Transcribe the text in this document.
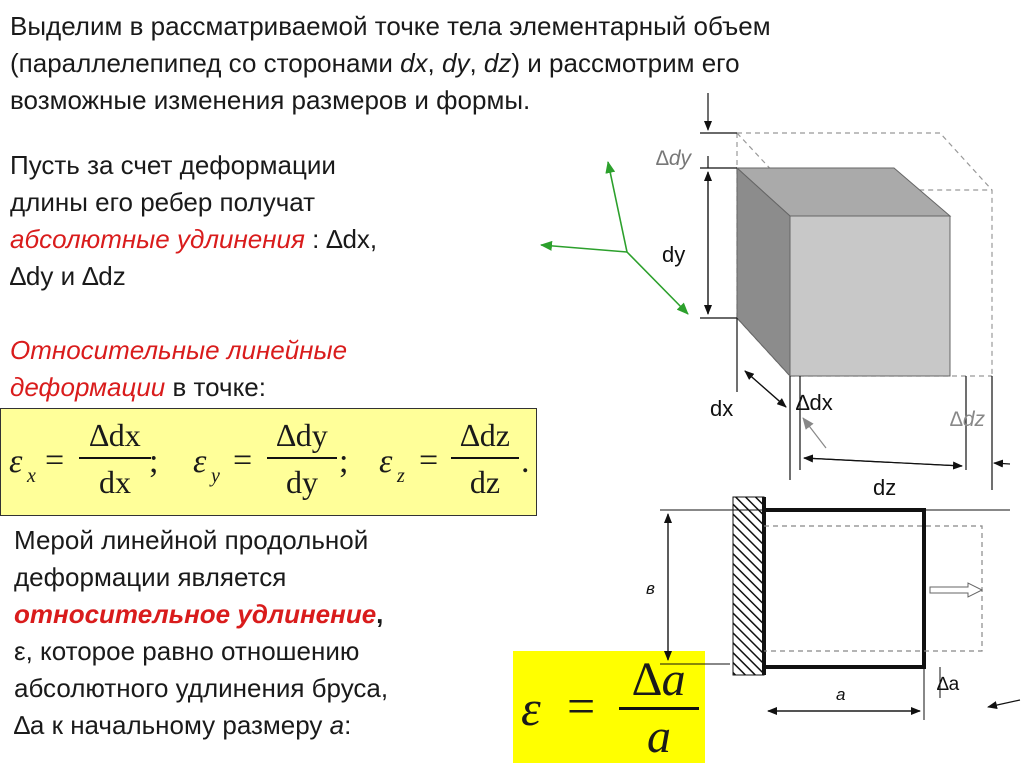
Выделим в рассматриваемой точке тела элементарный объем
(параллелепипед со сторонами dx, dy, dz) и рассмотрим его
возможные изменения размеров и формы.
Пусть за счет деформации
длины его ребер получат
абсолютные удлинения : ∆dx,
∆dy и ∆dz
Относительные линейные
деформации в точке:
ε x =
∆dx
dx
; ε y =
∆dy
dy
; ε z =
∆dz
dz
.
Мерой линейной продольной
деформации является
относительное удлинение,
ε, которое равно отношению
абсолютного удлинения бруса,
∆a к начальному размеру a:	ε = ∆a
a
∆dy
dy
dx	∆dx
∆dz
dz
в
a	∆a
